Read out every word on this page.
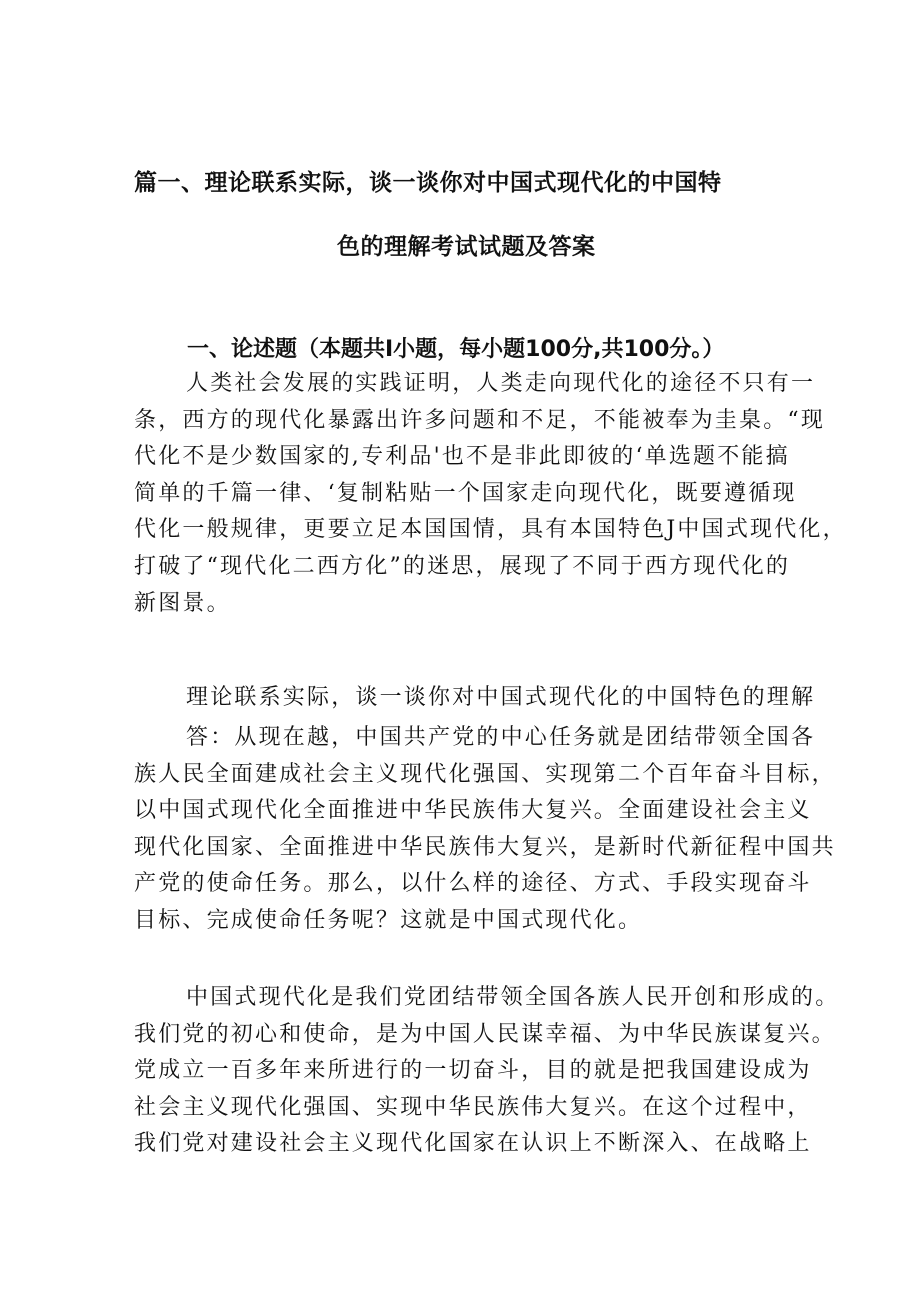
篇一、理论联系实际，谈一谈你对中国式现代化的中国特
色的理解考试试题及答案
一、论述题（本题共I小题，每小题100分,共100分。）
人类社会发展的实践证明，人类走向现代化的途径不只有一
条，西方的现代化暴露出许多问题和不足，不能被奉为圭臬。“现
代化不是少数国家的,专利品'也不是非此即彼的‘单选题不能搞
简单的千篇一律、‘复制粘贴一个国家走向现代化，既要遵循现
代化一般规律，更要立足本国国情，具有本国特色J中国式现代化，
打破了“现代化二西方化”的迷思，展现了不同于西方现代化的
新图景。
理论联系实际，谈一谈你对中国式现代化的中国特色的理解
答：从现在越，中国共产党的中心任务就是团结带领全国各
族人民全面建成社会主义现代化强国、实现第二个百年奋斗目标，
以中国式现代化全面推进中华民族伟大复兴。全面建设社会主义
现代化国家、全面推进中华民族伟大复兴，是新时代新征程中国共
产党的使命任务。那么，以什么样的途径、方式、手段实现奋斗
目标、完成使命任务呢？这就是中国式现代化。
中国式现代化是我们党团结带领全国各族人民开创和形成的。
我们党的初心和使命，是为中国人民谋幸福、为中华民族谋复兴。
党成立一百多年来所进行的一切奋斗，目的就是把我国建设成为
社会主义现代化强国、实现中华民族伟大复兴。在这个过程中，
我们党对建设社会主义现代化国家在认识上不断深入、在战略上
